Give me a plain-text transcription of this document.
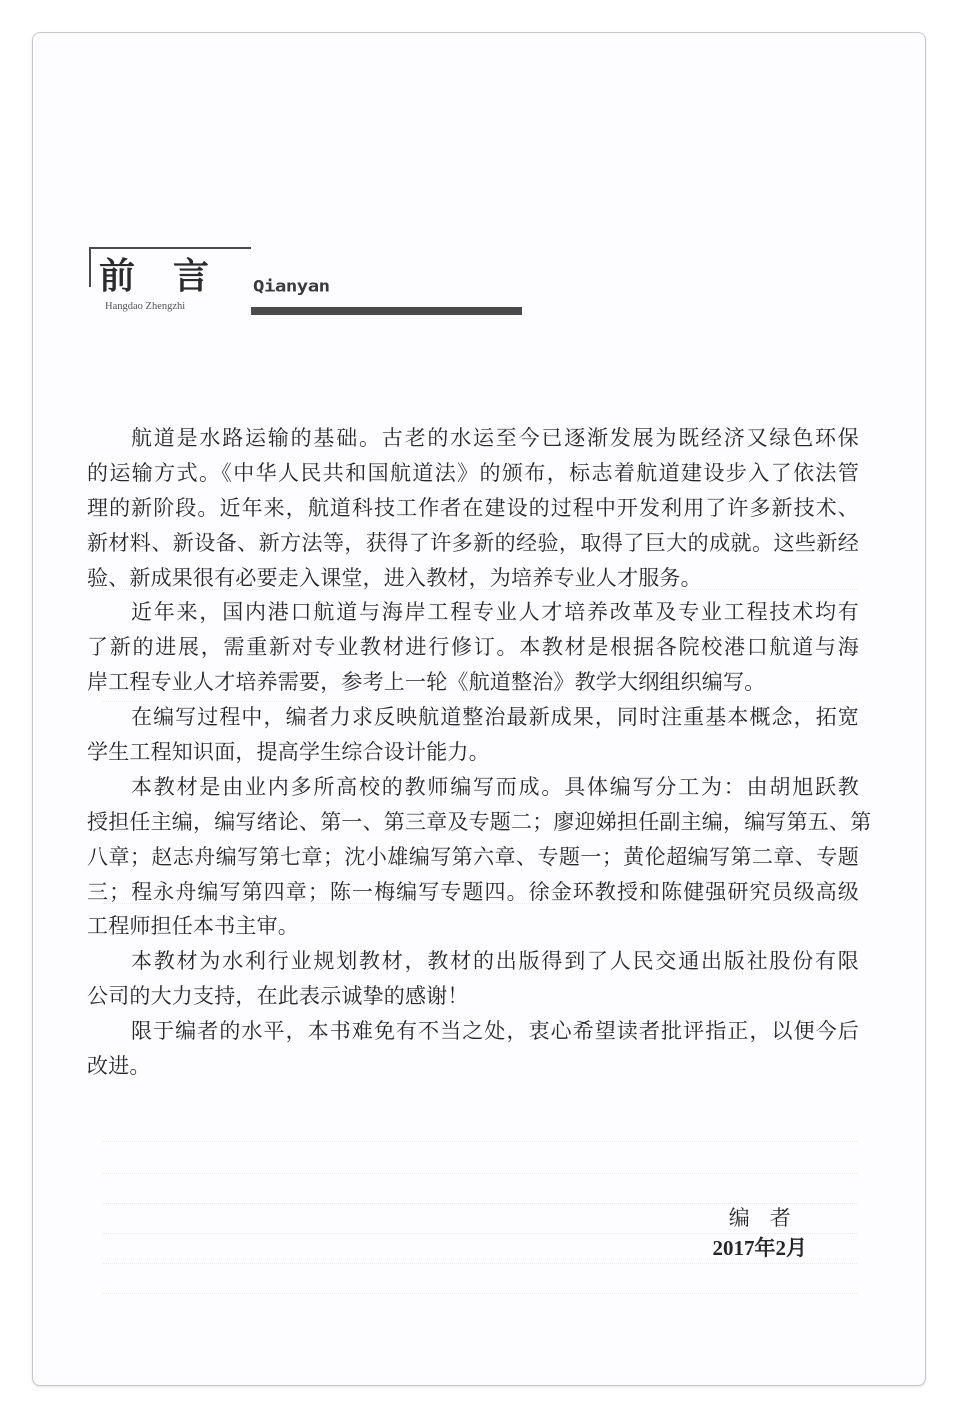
前言
Hangdao Zhengzhi
Qianyan
航道是水路运输的基础。古老的水运至今已逐渐发展为既经济又绿色环保
的运输方式。《中华人民共和国航道法》的颁布，标志着航道建设步入了依法管
理的新阶段。近年来，航道科技工作者在建设的过程中开发利用了许多新技术、
新材料、新设备、新方法等，获得了许多新的经验，取得了巨大的成就。这些新经
验、新成果很有必要走入课堂，进入教材，为培养专业人才服务。
近年来，国内港口航道与海岸工程专业人才培养改革及专业工程技术均有
了新的进展，需重新对专业教材进行修订。本教材是根据各院校港口航道与海
岸工程专业人才培养需要，参考上一轮《航道整治》教学大纲组织编写。
在编写过程中，编者力求反映航道整治最新成果，同时注重基本概念，拓宽
学生工程知识面，提高学生综合设计能力。
本教材是由业内多所高校的教师编写而成。具体编写分工为：由胡旭跃教
授担任主编，编写绪论、第一、第三章及专题二；廖迎娣担任副主编，编写第五、第
八章；赵志舟编写第七章；沈小雄编写第六章、专题一；黄伦超编写第二章、专题
三；程永舟编写第四章；陈一梅编写专题四。徐金环教授和陈健强研究员级高级
工程师担任本书主审。
本教材为水利行业规划教材，教材的出版得到了人民交通出版社股份有限
公司的大力支持，在此表示诚挚的感谢！
限于编者的水平，本书难免有不当之处，衷心希望读者批评指正，以便今后
改进。
编者
2017年2月
